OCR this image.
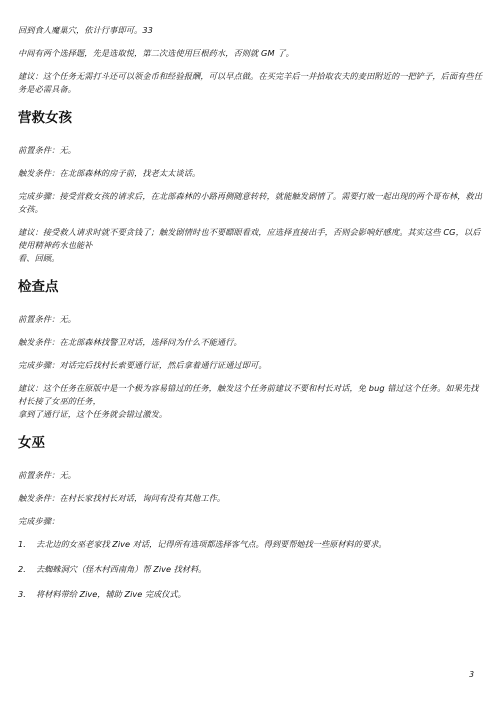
回到食人魔巢穴，依计行事即可。33

中间有两个选择题，先是选取悦，第二次选使用巨根药水，否则就 GM 了。

建议：这个任务无需打斗还可以领金币和经验报酬，可以早点做。在买完羊后一并拾取农夫的麦田附近的一把铲子，后面有些任务是必需具备。

营救女孩

前置条件：无。

触发条件：在北部森林的房子前，找老太太谈话。

完成步骤：接受营救女孩的请求后，在北部森林的小路再侧随意转转，就能触发剧情了。需要打败一起出现的两个哥布林，救出女孩。

建议：接受救人请求时就不要贪钱了；触发剧情时也不要瞟眼看戏，应选择直接出手，否则会影响好感度。其实这些 CG，以后使用精神药水也能补
看、回顾。

检查点

前置条件：无。

触发条件：在北部森林找警卫对话，选择问为什么不能通行。

完成步骤：对话完后找村长索要通行证，然后拿着通行证通过即可。

建议：这个任务在原版中是一个极为容易错过的任务，触发这个任务前建议不要和村长对话，免 bug 错过这个任务。如果先找村长接了女巫的任务，
拿到了通行证，这个任务就会错过激发。

女巫

前置条件：无。

触发条件：在村长家找村长对话，询问有没有其他工作。

完成步骤：

1.	去北边的女巫老家找 Zive 对话，记得所有选项都选择客气点。得到要帮她找一些原材料的要求。
2.	去蜘蛛洞穴（怪木村西南角）帮 Zive 找材料。
3.	将材料带给 Zive，辅助 Zive 完成仪式。
3
